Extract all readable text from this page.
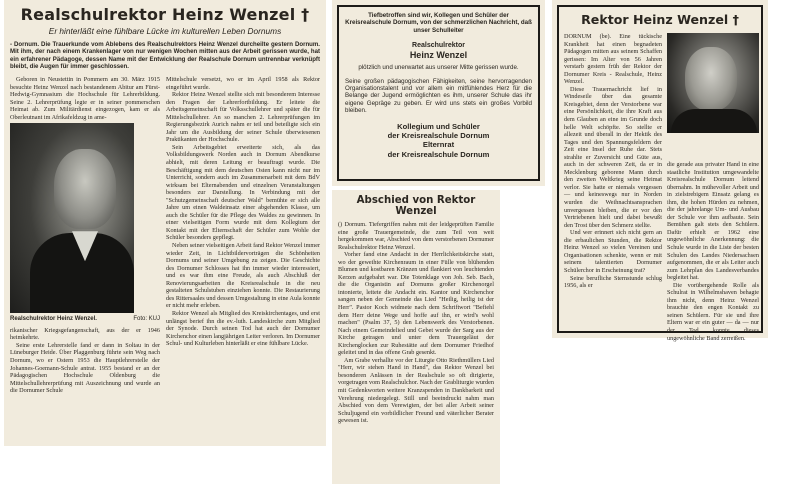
Realschulrektor Heinz Wenzel †
Er hinterläßt eine fühlbare Lücke im kulturellen Leben Dornums

- Dornum. Die Trauerkunde vom Ablebens des Realschulrektors Heinz Wenzel durcheilte gestern Dornum. Mit ihm, der nach einem Krankenlager von nur wenigen Wochen mitten aus der Arbeit gerissen wurde, hat ein erfahrener Pädagoge, dessen Name mit der Entwicklung der Realschule Dornum untrennbar verknüpft bleibt, die Augen für immer geschlossen.

Geboren in Neustettin in Pommern am 30. März 1915 besuchte Heinz Wenzel nach bestandenem Abitur am Fürst-Hedwig-Gymnasium die Hochschule für Lehrerbildung. Seine 2. Lehrerprüfung legte er in seiner pommerschen Heimat ab. Zum Militärdienst eingezogen, kam er als Oberleutnant im Afrikafeldzug in ame-

Realschulrektor Heinz Wenzel.	Foto: KUJ

rikanischer Kriegsgefangenschaft, aus der er 1946 heimkehrte.

Seine erste Lehrerstelle fand er dann in Soltau in der Lüneburger Heide. Über Plaggenburg führte sein Weg nach Dornum, wo er Ostern 1953 die Hauptlehrerstelle der Johannes-Goemann-Schule antrat. 1955 bestand er an der Pädagogischen Hochschule Oldenburg die Mittelschullehrerprüfung mit Auszeichnung und wurde an die Dornumer Schule

Mittelschule versetzt, wo er im April 1958 als Rektor eingeführt wurde.

Rektor Heinz Wenzel stellte sich mit besonderem Interesse den Fragen der Lehrerfortbildung. Er leitete die Arbeitsgemeinschaft für Volksschullehrer und später die für Mittelschullehrer. An so manchen 2. Lehrerprüfungen im Regierungsbezirk Aurich nahm er teil und beteiligte sich ein Jahr um die Ausbildung der seiner Schule überwiesenen Praktikanten der Hochschule.

Sein Arbeitsgebiet erweiterte sich, als das Volksbildungswerk Norden auch in Dornum Abendkurse abhielt, mit deren Leitung er beauftragt wurde. Die Beschäftigung mit dem deutschen Osten kann nicht nur im Unterricht, sondern auch im Zusammenarbeit mit dem BdV wirksam bei Elternabenden und einzelnen Veranstaltungen besonders zur Darstellung. In Verbindung mit der "Schutzgemeinschaft deutscher Wald" bemühte er sich alle Jahre um einen Waldeinsatz einer abgehenden Klasse, um auch die Schüler für die Pflege des Waldes zu gewinnen. In einer vielseitigen Form wurde mit dem Kollegium der Kontakt mit der Elternschaft der Schüler zum Wohle der Schüler besonders gepflegt.

Neben seiner vielseitigen Arbeit fand Rektor Wenzel immer wieder Zeit, in Lichtbildervorträgen die Schönheiten Dornums und seiner Umgebung zu zeigen. Die Geschichte des Dornumer Schlosses hat ihn immer wieder interessiert, und es war ihm eine Freude, als auch Abschluß der Renovierungsarbeiten die Kreisrealschule in die neu gestalteten Schulstuben einziehen konnte. Die Restaurierung des Rittersaales und dessen Umgestaltung in eine Aula konnte er nicht mehr erleben.

Rektor Wenzel als Mitglied des Kreiskirchentages, und erst unlängst berief ihn die ev.-luth. Landeskirche zum Mitglied der Synode. Durch seinen Tod hat auch der Dornumer Kirchenchor einen langjährigen Leiter verloren. Im Dornumer Schul- und Kulturleben hinterläßt er eine fühlbare Lücke.

Tiefbetroffen sind wir, Kollegen und Schüler der Kreisrealschule Dornum, von der schmerzlichen Nachricht, daß unser Schulleiter
Realschulrektor
Heinz Wenzel
plötzlich und unerwartet aus unserer Mitte gerissen wurde.
Seine großen pädagogischen Fähigkeiten, seine hervorragenden Organisationstalent und vor allem ein mitfühlendes Herz für die Belange der Jugend ermöglichten es ihm, unserer Schule das ihr eigene Gepräge zu geben. Er wird uns stets ein großes Vorbild bleiben.
Kollegium und Schüler
der Kreisrealschule Dornum
Elternrat
der Kreisrealschule Dornum
Abschied von Rektor Wenzel

() Dornum. Tiefergriffen nahm mit der leidgeprüften Familie eine große Trauergemeinde, die zum Teil von weit hergekommen war, Abschied von dem verstorbenen Dornumer Realschulrektor Heinz Wenzel.

Vorher fand eine Andacht in der Herrlichkeitskirche statt, wo der geweihte Kirchenraum in einer Fülle von blühenden Blumen und kostbaren Kränzen und flankiert von leuchtenden Kerzen aufgebahrt war. Die Totenklage von Joh. Seb. Bach, die die Organistin auf Dornums großer Kirchenorgel intonierte, leitete die Andacht ein. Kantor und Kirchenchor sangen neben der Gemeinde das Lied "Heilig, heilig ist der Herr". Pastor Koch widmete nach dem Schriftwort "Befiehl dem Herr deine Wege und hoffe auf ihn, er wird's wohl machen" (Psalm 37, 5) den Lebenswerk des Verstorbenen. Nach einem Gemeindelied und Gebet wurde der Sarg aus der Kirche getragen und unter dem Trauergeläut der Kirchenglocken zur Ruhestätte auf dem Dornumer Friedhof geleitet und in das offene Grab gesenkt.

Am Grabe verhallte vor der Liturgie Otto Riethmüllers Lied "Herr, wir stehen Hand in Hand", das Rektor Wenzel bei besonderen Anlässen in der Realschule so oft dirigierte, vorgetragen vom Realschulchor. Nach der Grabliturgie wurden mit Gedenkworten weitere Kranzspenden in Dankbarkeit und Verehrung niedergelegt. Still und beeindruckt nahm man Abschied von dem Verewigten, der bei aller Arbeit seiner Schuljugend ein vorbildlicher Freund und väterlicher Berater gewesen ist.

Rektor Heinz Wenzel †

DORNUM (be). Eine tückische Krankheit hat einen begnadeten Pädagogen mitten aus seinem Schaffen gerissen: Im Alter von 56 Jahren verstarb gestern früh der Rektor der Dornumer Kreis - Realschule, Heinz Wenzel.

Diese Trauernachricht lief in Windeseile über das gesamte Kreisgebiet, denn der Verstorbene war eine Persönlichkeit, die ihre Kraft aus dem Glauben an eine im Grunde doch helle Welt schöpfte. So stellte er allezeit und überall in der Hektik des Tages und den Spannungsfeldern der Zeit eine Insel der Ruhe dar. Stets strahlte er Zuversicht und Güte aus, auch in der schweren Zeit, da er in Mecklenburg geborene Mann durch den zweiten Weltkrieg seine Heimat verlor. Sie hatte er niemals vergessen — und keineswegs nur in Norden wurden die Weihnachtsansprachen unvergessen bleiben, die er vor den Vertriebenen hielt und dabei bewußt den Trost über den Schmerz stellte.

Und wer erinnert sich nicht gern an die erbaulichen Stunden, die Rektor Heinz Wenzel so vielen Vereinen und Organisationen schenkte, wenn er mit seinem talentierten Dornumer Schülerchor in Erscheinung trat?

Seine berufliche Sternstunde schlug 1956, als er

die gerade aus privater Hand in eine staatliche Institution umgewandelte Kreisrealschule Dornum leitend übernahm. In mühevoller Arbeit und in zielstrebigem Einsatz gelang es ihm, die hohen Hürden zu nehmen, die der jahrelange Um- und Ausbau der Schule vor ihm aufbaute. Sein Bemühen galt stets den Schülern. Dafür erhielt er 1962 eine ungewöhnliche Anerkennung: die Schule wurde in die Liste der besten Schulen des Landes Niedersachsen aufgenommen, die er als Leiter auch zum Lehrplan des Landesverbandes begleitet hat.

Die vorübergehende Rolle als Schulrat in Wilhelmshaven behagte ihm nicht, denn Heinz Wenzel brauchte den engen Kontakt zu seinen Schülern. Für sie und ihre Eltern war er ein guter — da — nur der Tod konnte dieses ungewöhnliche Band zerreißen.
